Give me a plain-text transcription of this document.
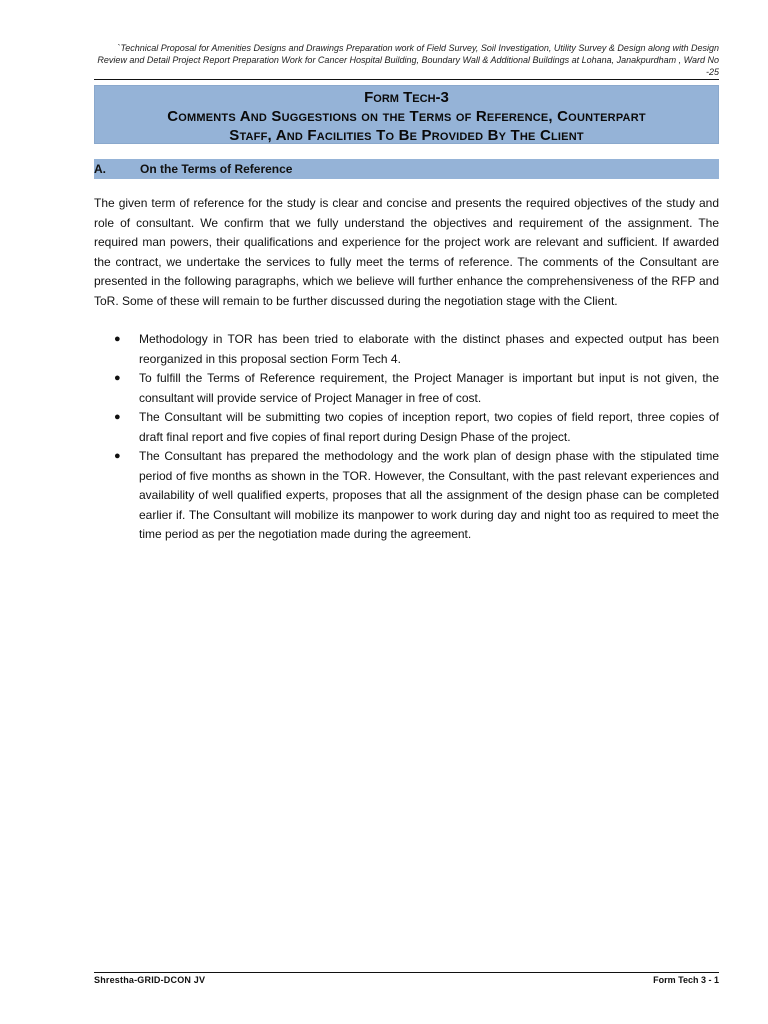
`Technical Proposal for Amenities Designs and Drawings Preparation work of Field Survey, Soil Investigation, Utility Survey & Design along with Design Review and Detail Project Report Preparation Work for Cancer Hospital Building, Boundary Wall & Additional Buildings at Lohana, Janakpurdham , Ward No -25
Form Tech-3
Comments And Suggestions on the Terms of Reference, Counterpart
Staff, And Facilities To Be Provided By The Client
A.	On the Terms of Reference

The given term of reference for the study is clear and concise and presents the required objectives of the study and role of consultant. We confirm that we fully understand the objectives and requirement of the assignment. The required man powers, their qualifications and experience for the project work are relevant and sufficient. If awarded the contract, we undertake the services to fully meet the terms of reference. The comments of the Consultant are presented in the following paragraphs, which we believe will further enhance the comprehensiveness of the RFP and ToR. Some of these will remain to be further discussed during the negotiation stage with the Client.

● Methodology in TOR has been tried to elaborate with the distinct phases and expected output has been reorganized in this proposal section Form Tech 4.
● To fulfill the Terms of Reference requirement, the Project Manager is important but input is not given, the consultant will provide service of Project Manager in free of cost.
● The Consultant will be submitting two copies of inception report, two copies of field report, three copies of draft final report and five copies of final report during Design Phase of the project.
● The Consultant has prepared the methodology and the work plan of design phase with the stipulated time period of five months as shown in the TOR. However, the Consultant, with the past relevant experiences and availability of well qualified experts, proposes that all the assignment of the design phase can be completed earlier if. The Consultant will mobilize its manpower to work during day and night too as required to meet the time period as per the negotiation made during the agreement.
Shrestha-GRID-DCON JV	Form Tech 3 - 1
